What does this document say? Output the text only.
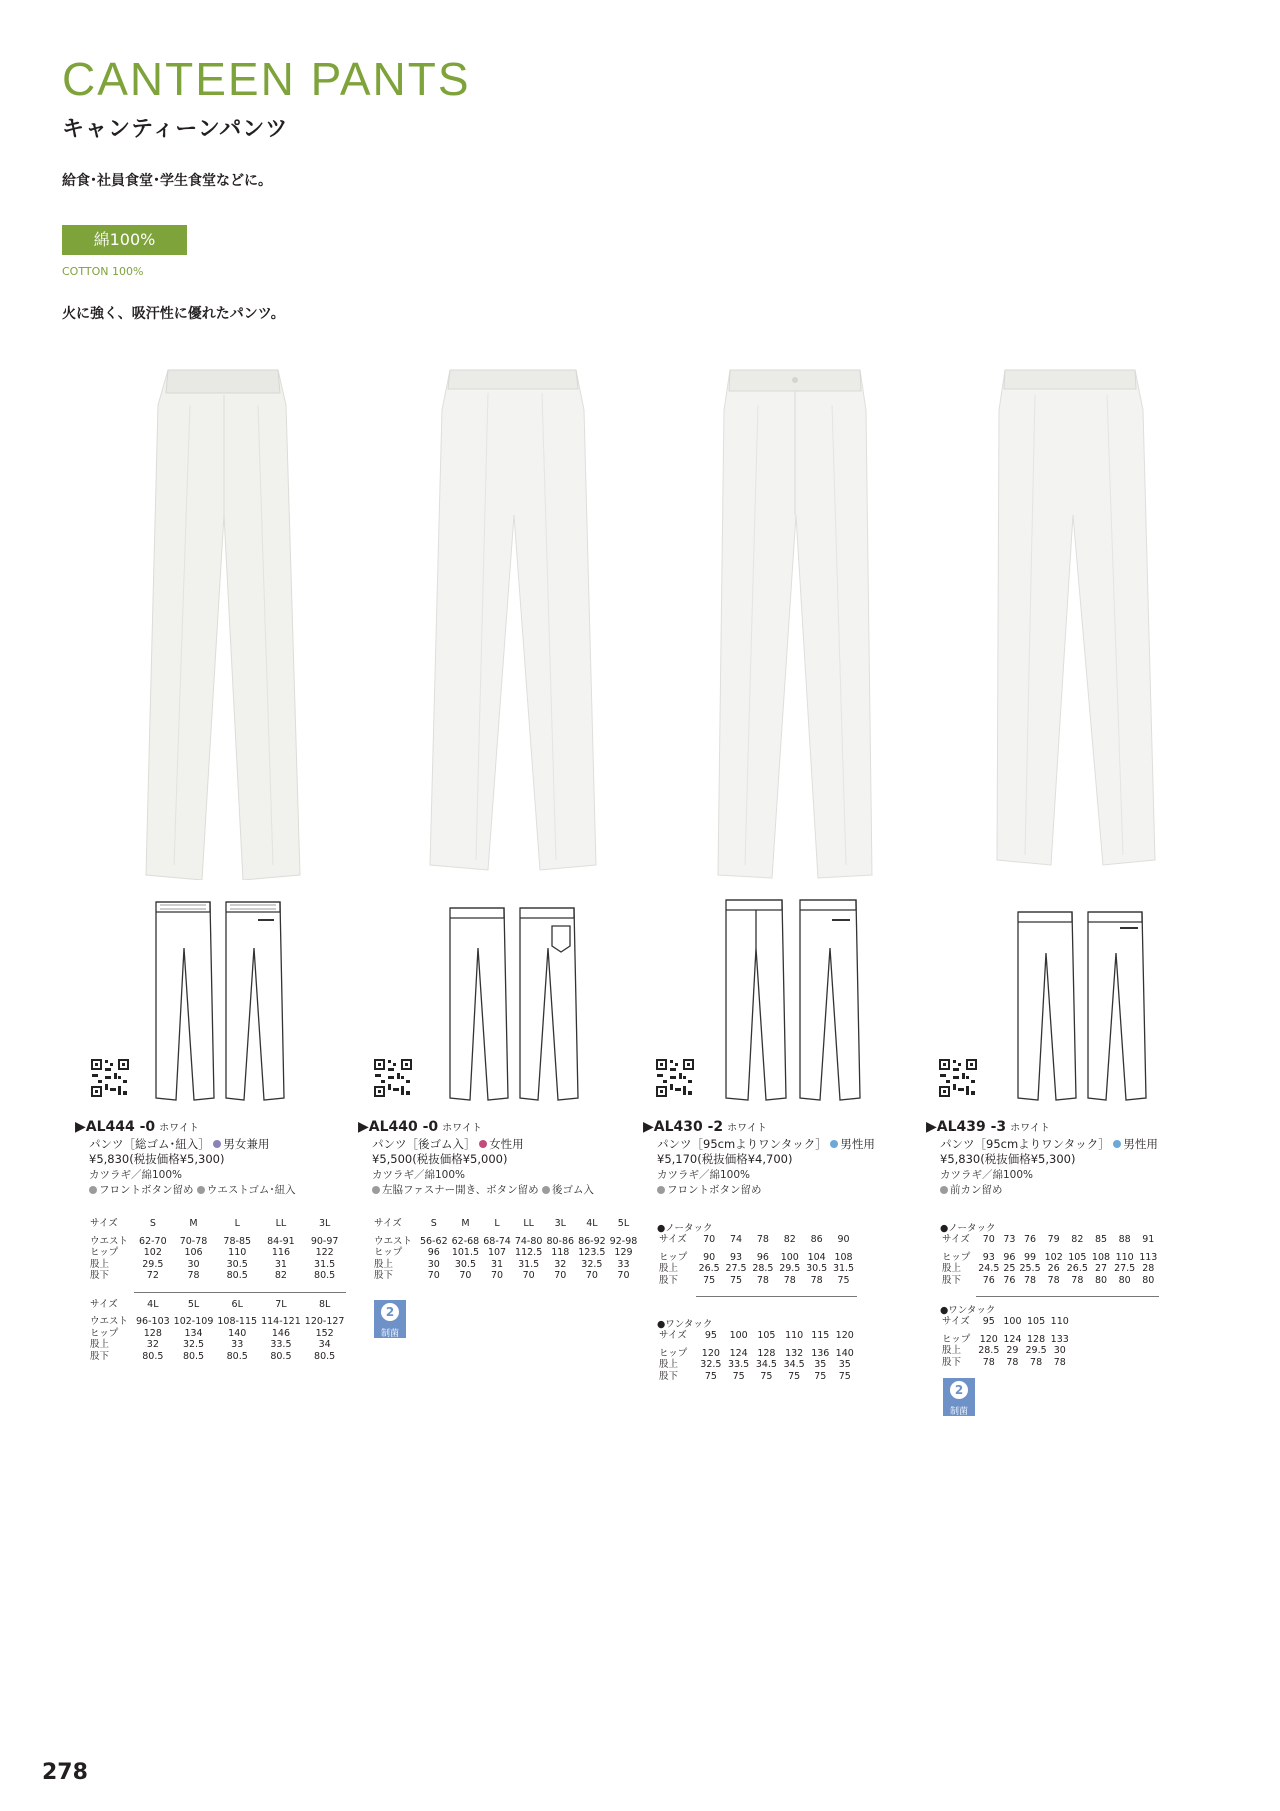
CANTEEN PANTS
キャンティーンパンツ
給食･社員食堂･学生食堂などに。
綿100%
COTTON 100%
火に強く、吸汗性に優れたパンツ。
▶AL444 -0 ホワイト
パンツ［総ゴム･紐入］ 男女兼用
¥5,830(税抜価格¥5,300)
カツラギ／綿100%
フロントボタン留め ウエストゴム･紐入
サイズ	S	M	L	LL	3L

ウエスト	62-70	70-78	78-85	84-91	90-97
ヒップ	102	106	110	116	122
股上	29.5	30	30.5	31	31.5
股下	72	78	80.5	82	80.5

サイズ	4L	5L	6L	7L	8L

ウエスト	96-103	102-109	108-115	114-121	120-127
ヒップ	128	134	140	146	152
股上	32	32.5	33	33.5	34
股下	80.5	80.5	80.5	80.5	80.5
▶AL440 -0 ホワイト
パンツ［後ゴム入］ 女性用
¥5,500(税抜価格¥5,000)
カツラギ／綿100%
左脇ファスナー開き、ボタン留め 後ゴム入
サイズ	S	M	L	LL	3L	4L	5L

ウエスト	56-62	62-68	68-74	74-80	80-86	86-92	92-98
ヒップ	96	101.5	107	112.5	118	123.5	129
股上	30	30.5	31	31.5	32	32.5	33
股下	70	70	70	70	70	70	70
2
制菌
▶AL430 -2 ホワイト
パンツ［95cmよりワンタック］ 男性用
¥5,170(税抜価格¥4,700)
カツラギ／綿100%
フロントボタン留め
●ノータック
サイズ	70	74	78	82	86	90

ヒップ	90	93	96	100	104	108
股上	26.5	27.5	28.5	29.5	30.5	31.5
股下	75	75	78	78	78	75

●ワンタック
サイズ	95	100	105	110	115	120

ヒップ	120	124	128	132	136	140
股上	32.5	33.5	34.5	34.5	35	35
股下	75	75	75	75	75	75
▶AL439 -3 ホワイト
パンツ［95cmよりワンタック］ 男性用
¥5,830(税抜価格¥5,300)
カツラギ／綿100%
前カン留め
●ノータック
サイズ	70	73	76	79	82	85	88	91

ヒップ	93	96	99	102	105	108	110	113
股上	24.5	25	25.5	26	26.5	27	27.5	28
股下	76	76	78	78	78	80	80	80

●ワンタック
サイズ	95	100	105	110

ヒップ	120	124	128	133
股上	28.5	29	29.5	30
股下	78	78	78	78
2
制菌
278
